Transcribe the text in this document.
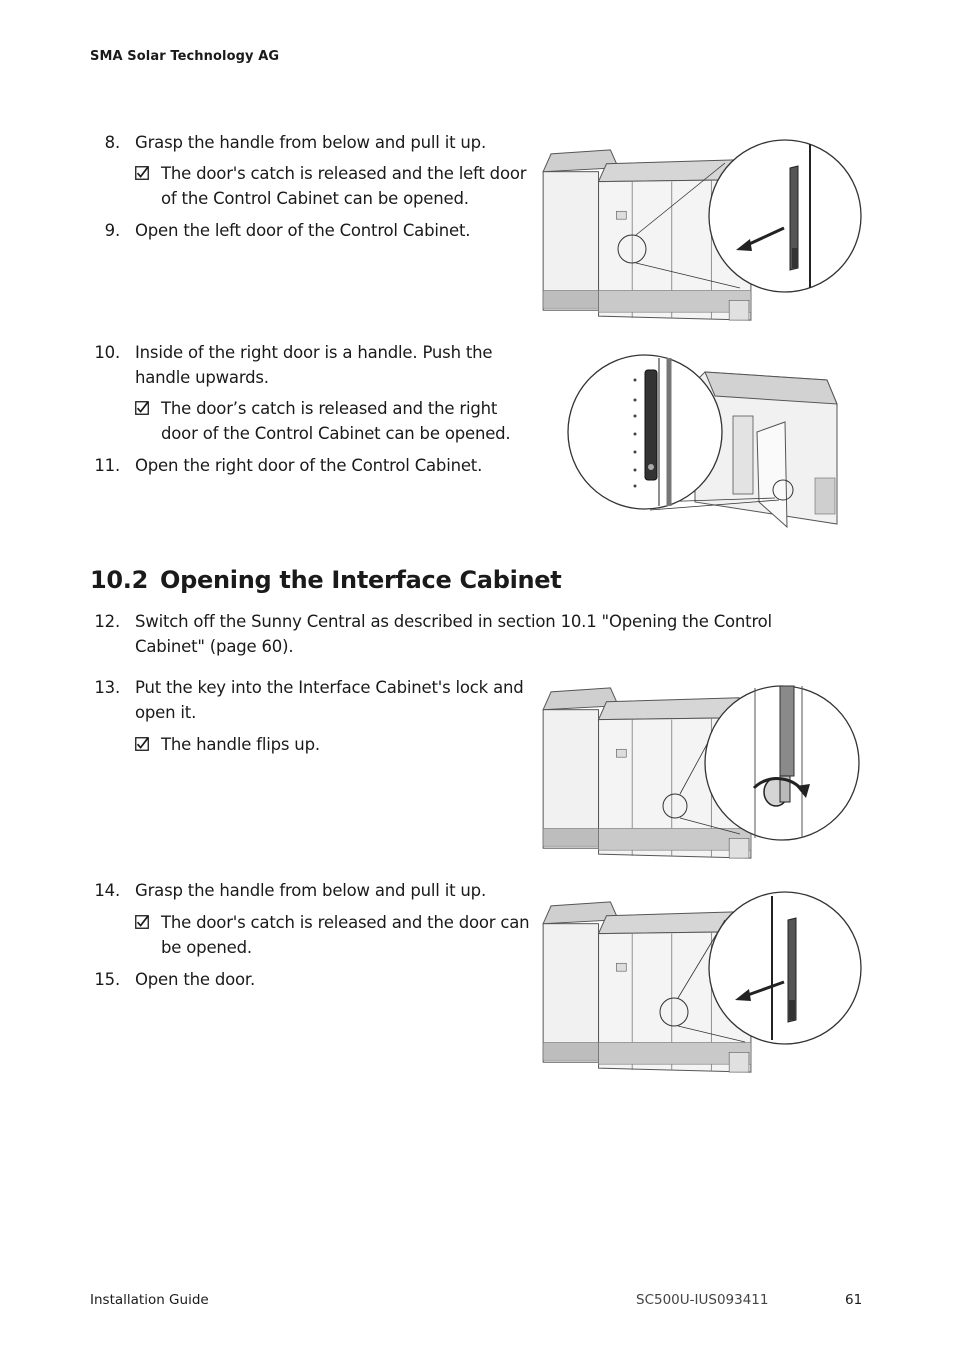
SMA Solar Technology AG
8. Grasp the handle from below and pull it up.
The door's catch is released and the left door of the Control Cabinet can be opened.
9. Open the left door of the Control Cabinet.
10. Inside of the right door is a handle. Push the handle upwards.
The door’s catch is released and the right door of the Control Cabinet can be opened.
11. Open the right door of the Control Cabinet.
10.2 Opening the Interface Cabinet
12. Switch off the Sunny Central as described in section 10.1 "Opening the Control Cabinet" (page 60).
13. Put the key into the Interface Cabinet's lock and open it.
The handle flips up.
14. Grasp the handle from below and pull it up.
The door's catch is released and the door can be opened.
15. Open the door.
Installation Guide	SC500U-IUS093411	61
